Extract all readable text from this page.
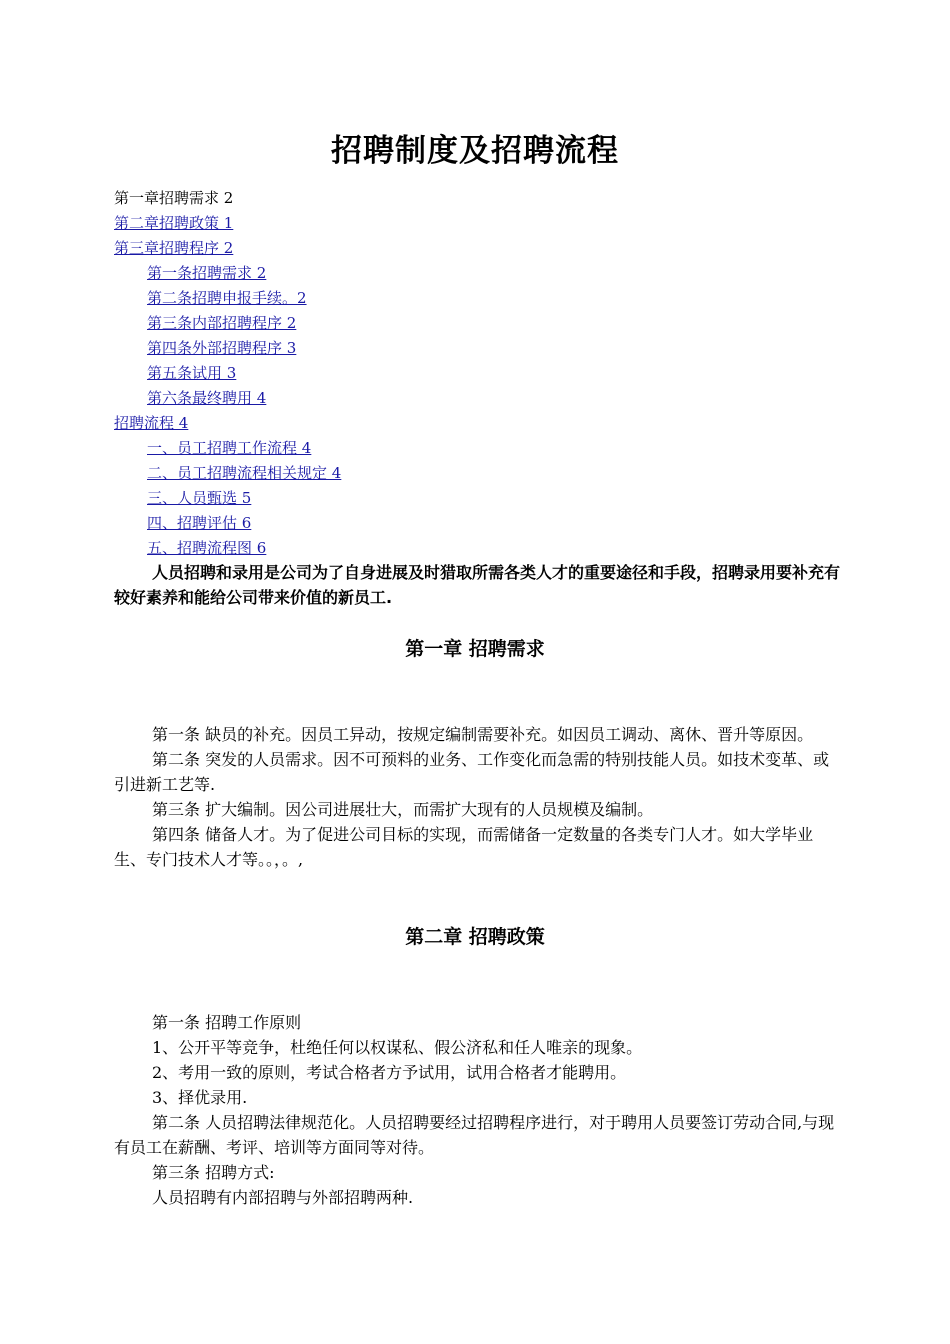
招聘制度及招聘流程
第一章招聘需求 2
第二章招聘政策 1
第三章招聘程序 2
第一条招聘需求 2
第二条招聘申报手续。2
第三条内部招聘程序 2
第四条外部招聘程序 3
第五条试用 3
第六条最终聘用 4
招聘流程 4
一、员工招聘工作流程 4
二、员工招聘流程相关规定 4
三、人员甄选 5
四、招聘评估 6
五、招聘流程图 6
人员招聘和录用是公司为了自身进展及时猎取所需各类人才的重要途径和手段，招聘录用要补充有较好素养和能给公司带来价值的新员工.
第一章 招聘需求

第一条 缺员的补充。因员工异动，按规定编制需要补充。如因员工调动、离休、晋升等原因。

第二条 突发的人员需求。因不可预料的业务、工作变化而急需的特别技能人员。如技术变革、或引进新工艺等.

第三条 扩大编制。因公司进展壮大，而需扩大现有的人员规模及编制。

第四条 储备人才。为了促进公司目标的实现，而需储备一定数量的各类专门人才。如大学毕业生、专门技术人才等。。，。,

第二章 招聘政策

第一条 招聘工作原则

1、公开平等竞争，杜绝任何以权谋私、假公济私和任人唯亲的现象。

2、考用一致的原则，考试合格者方予试用，试用合格者才能聘用。

3、择优录用.

第二条 人员招聘法律规范化。人员招聘要经过招聘程序进行，对于聘用人员要签订劳动合同,与现有员工在薪酬、考评、培训等方面同等对待。

第三条 招聘方式:

人员招聘有内部招聘与外部招聘两种.
